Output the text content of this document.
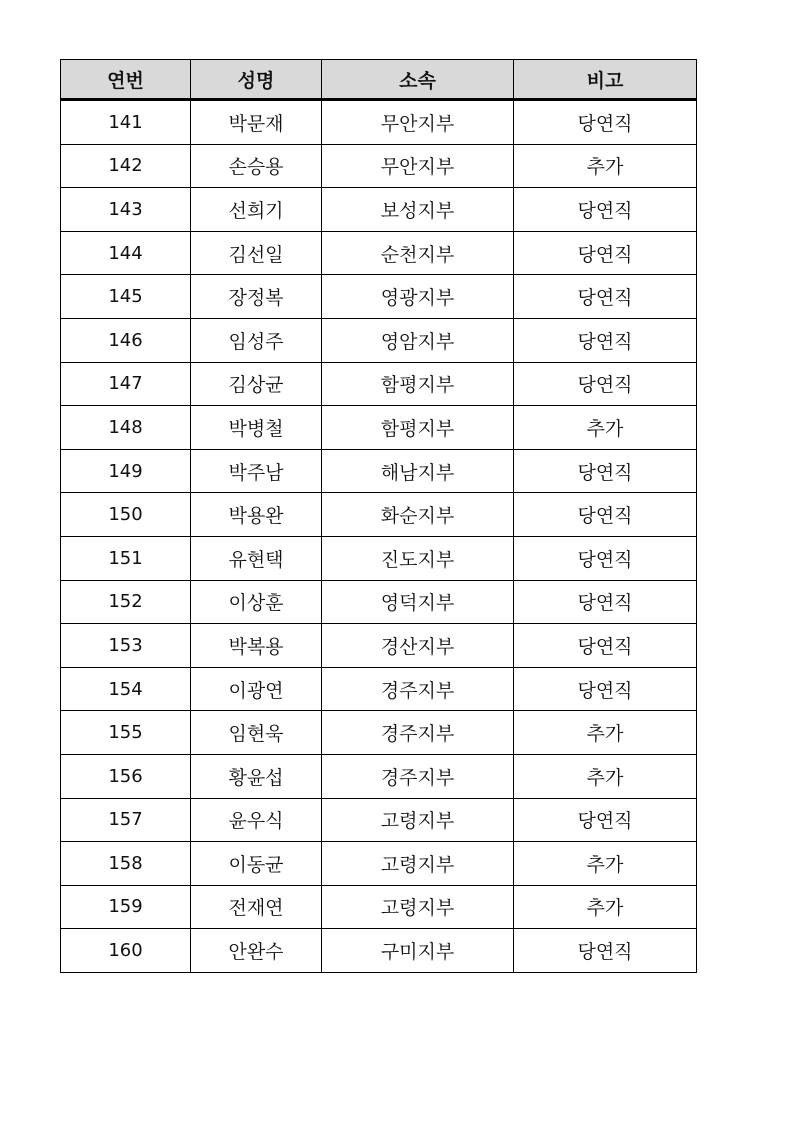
연번	성명	소속	비고
141	박문재	무안지부	당연직
142	손승용	무안지부	추가
143	선희기	보성지부	당연직
144	김선일	순천지부	당연직
145	장정복	영광지부	당연직
146	임성주	영암지부	당연직
147	김상균	함평지부	당연직
148	박병철	함평지부	추가
149	박주남	해남지부	당연직
150	박용완	화순지부	당연직
151	유현택	진도지부	당연직
152	이상훈	영덕지부	당연직
153	박복용	경산지부	당연직
154	이광연	경주지부	당연직
155	임현욱	경주지부	추가
156	황윤섭	경주지부	추가
157	윤우식	고령지부	당연직
158	이동균	고령지부	추가
159	전재연	고령지부	추가
160	안완수	구미지부	당연직
